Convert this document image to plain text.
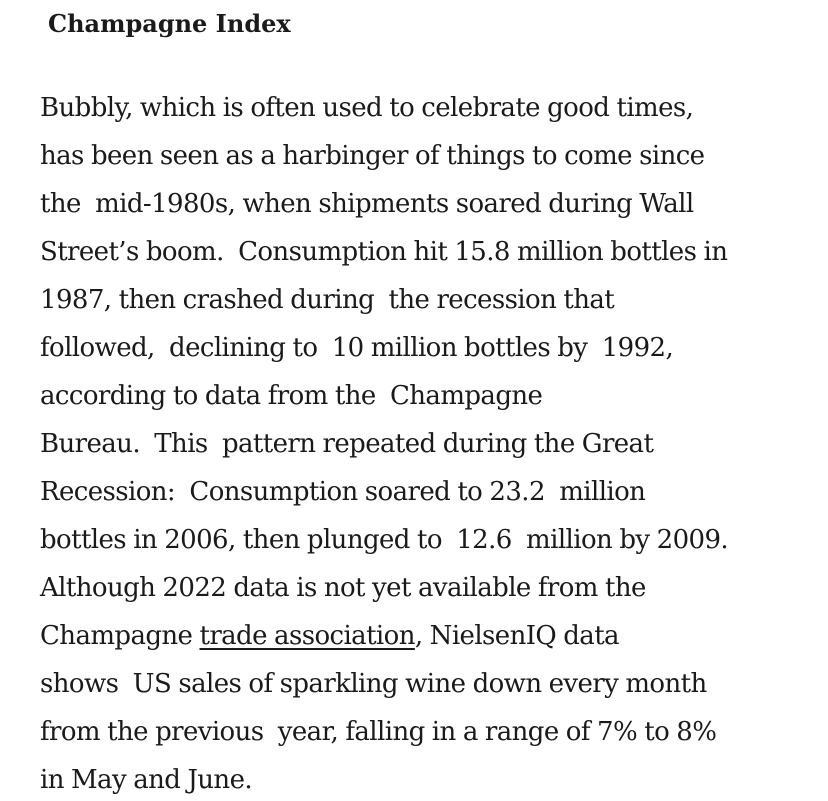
Champagne Index
Bubbly, which is often used to celebrate good times,
has been seen as a harbinger of things to come since
the  mid-1980s, when shipments soared during Wall
Street’s boom.  Consumption hit 15.8 million bottles in
1987, then crashed during  the recession that
followed,  declining to  10 million bottles by  1992,
according to data from the  Champagne
Bureau.  This  pattern repeated during the Great
Recession:  Consumption soared to 23.2  million
bottles in 2006, then plunged to  12.6  million by 2009.
Although 2022 data is not yet available from the
Champagne trade association, NielsenIQ data
shows  US sales of sparkling wine down every month
from the previous  year, falling in a range of 7% to 8%
in May and June.
